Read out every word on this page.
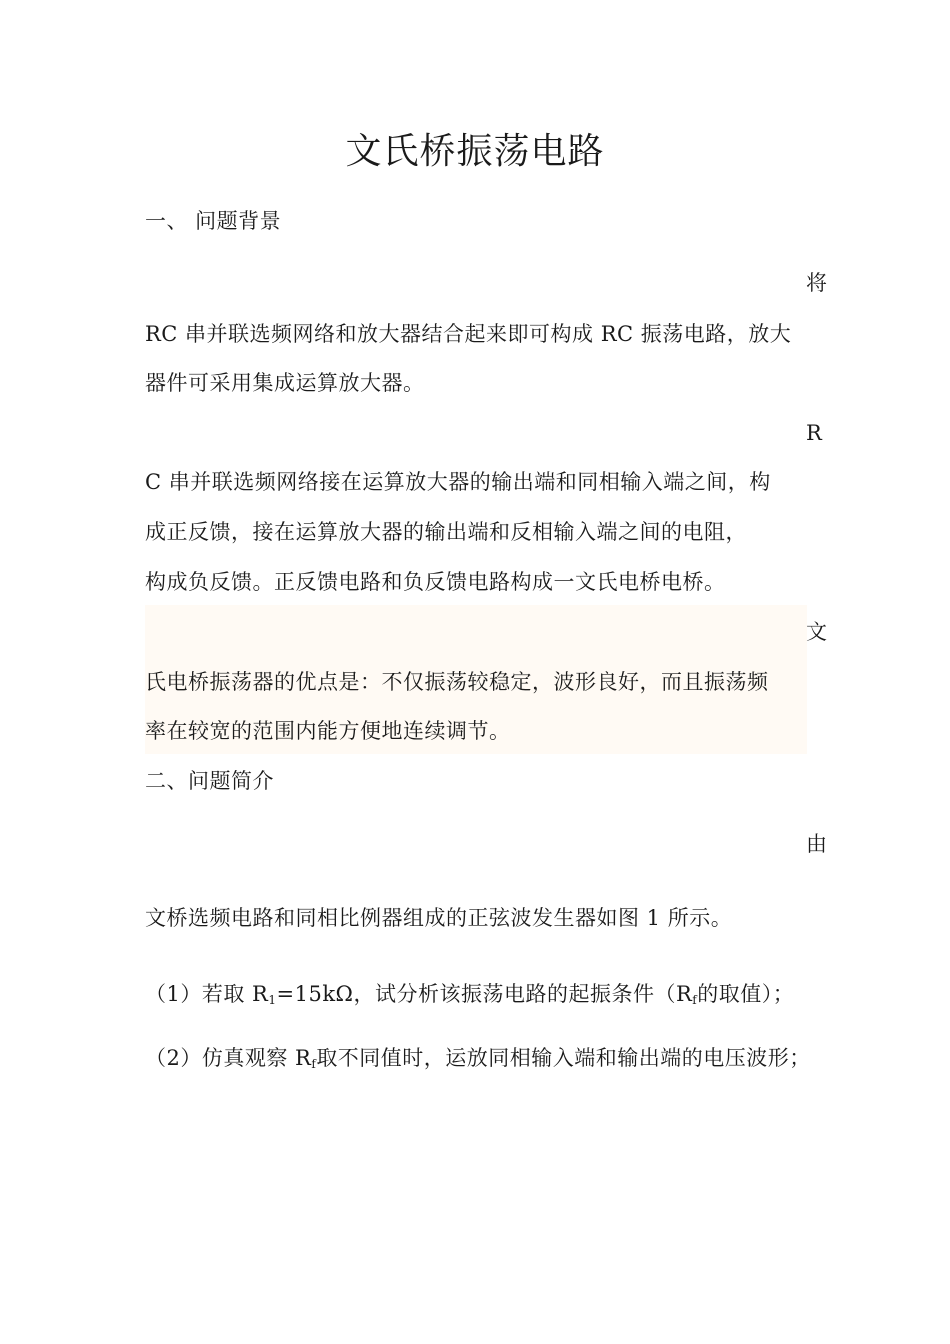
文氏桥振荡电路
一、 问题背景
将
RC 串并联选频网络和放大器结合起来即可构成 RC 振荡电路，放大
器件可采用集成运算放大器。
R
C 串并联选频网络接在运算放大器的输出端和同相输入端之间，构
成正反馈，接在运算放大器的输出端和反相输入端之间的电阻，
构成负反馈。正反馈电路和负反馈电路构成一文氏电桥电桥。
文
氏电桥振荡器的优点是：不仅振荡较稳定，波形良好，而且振荡频
率在较宽的范围内能方便地连续调节。
二、问题简介
由
文桥选频电路和同相比例器组成的正弦波发生器如图 1 所示。
（1）若取 $R_1=15k\Omega$，试分析该振荡电路的起振条件（$R_f$的取值）；
（2）仿真观察 $R_f$取不同值时，运放同相输入端和输出端的电压波形；
